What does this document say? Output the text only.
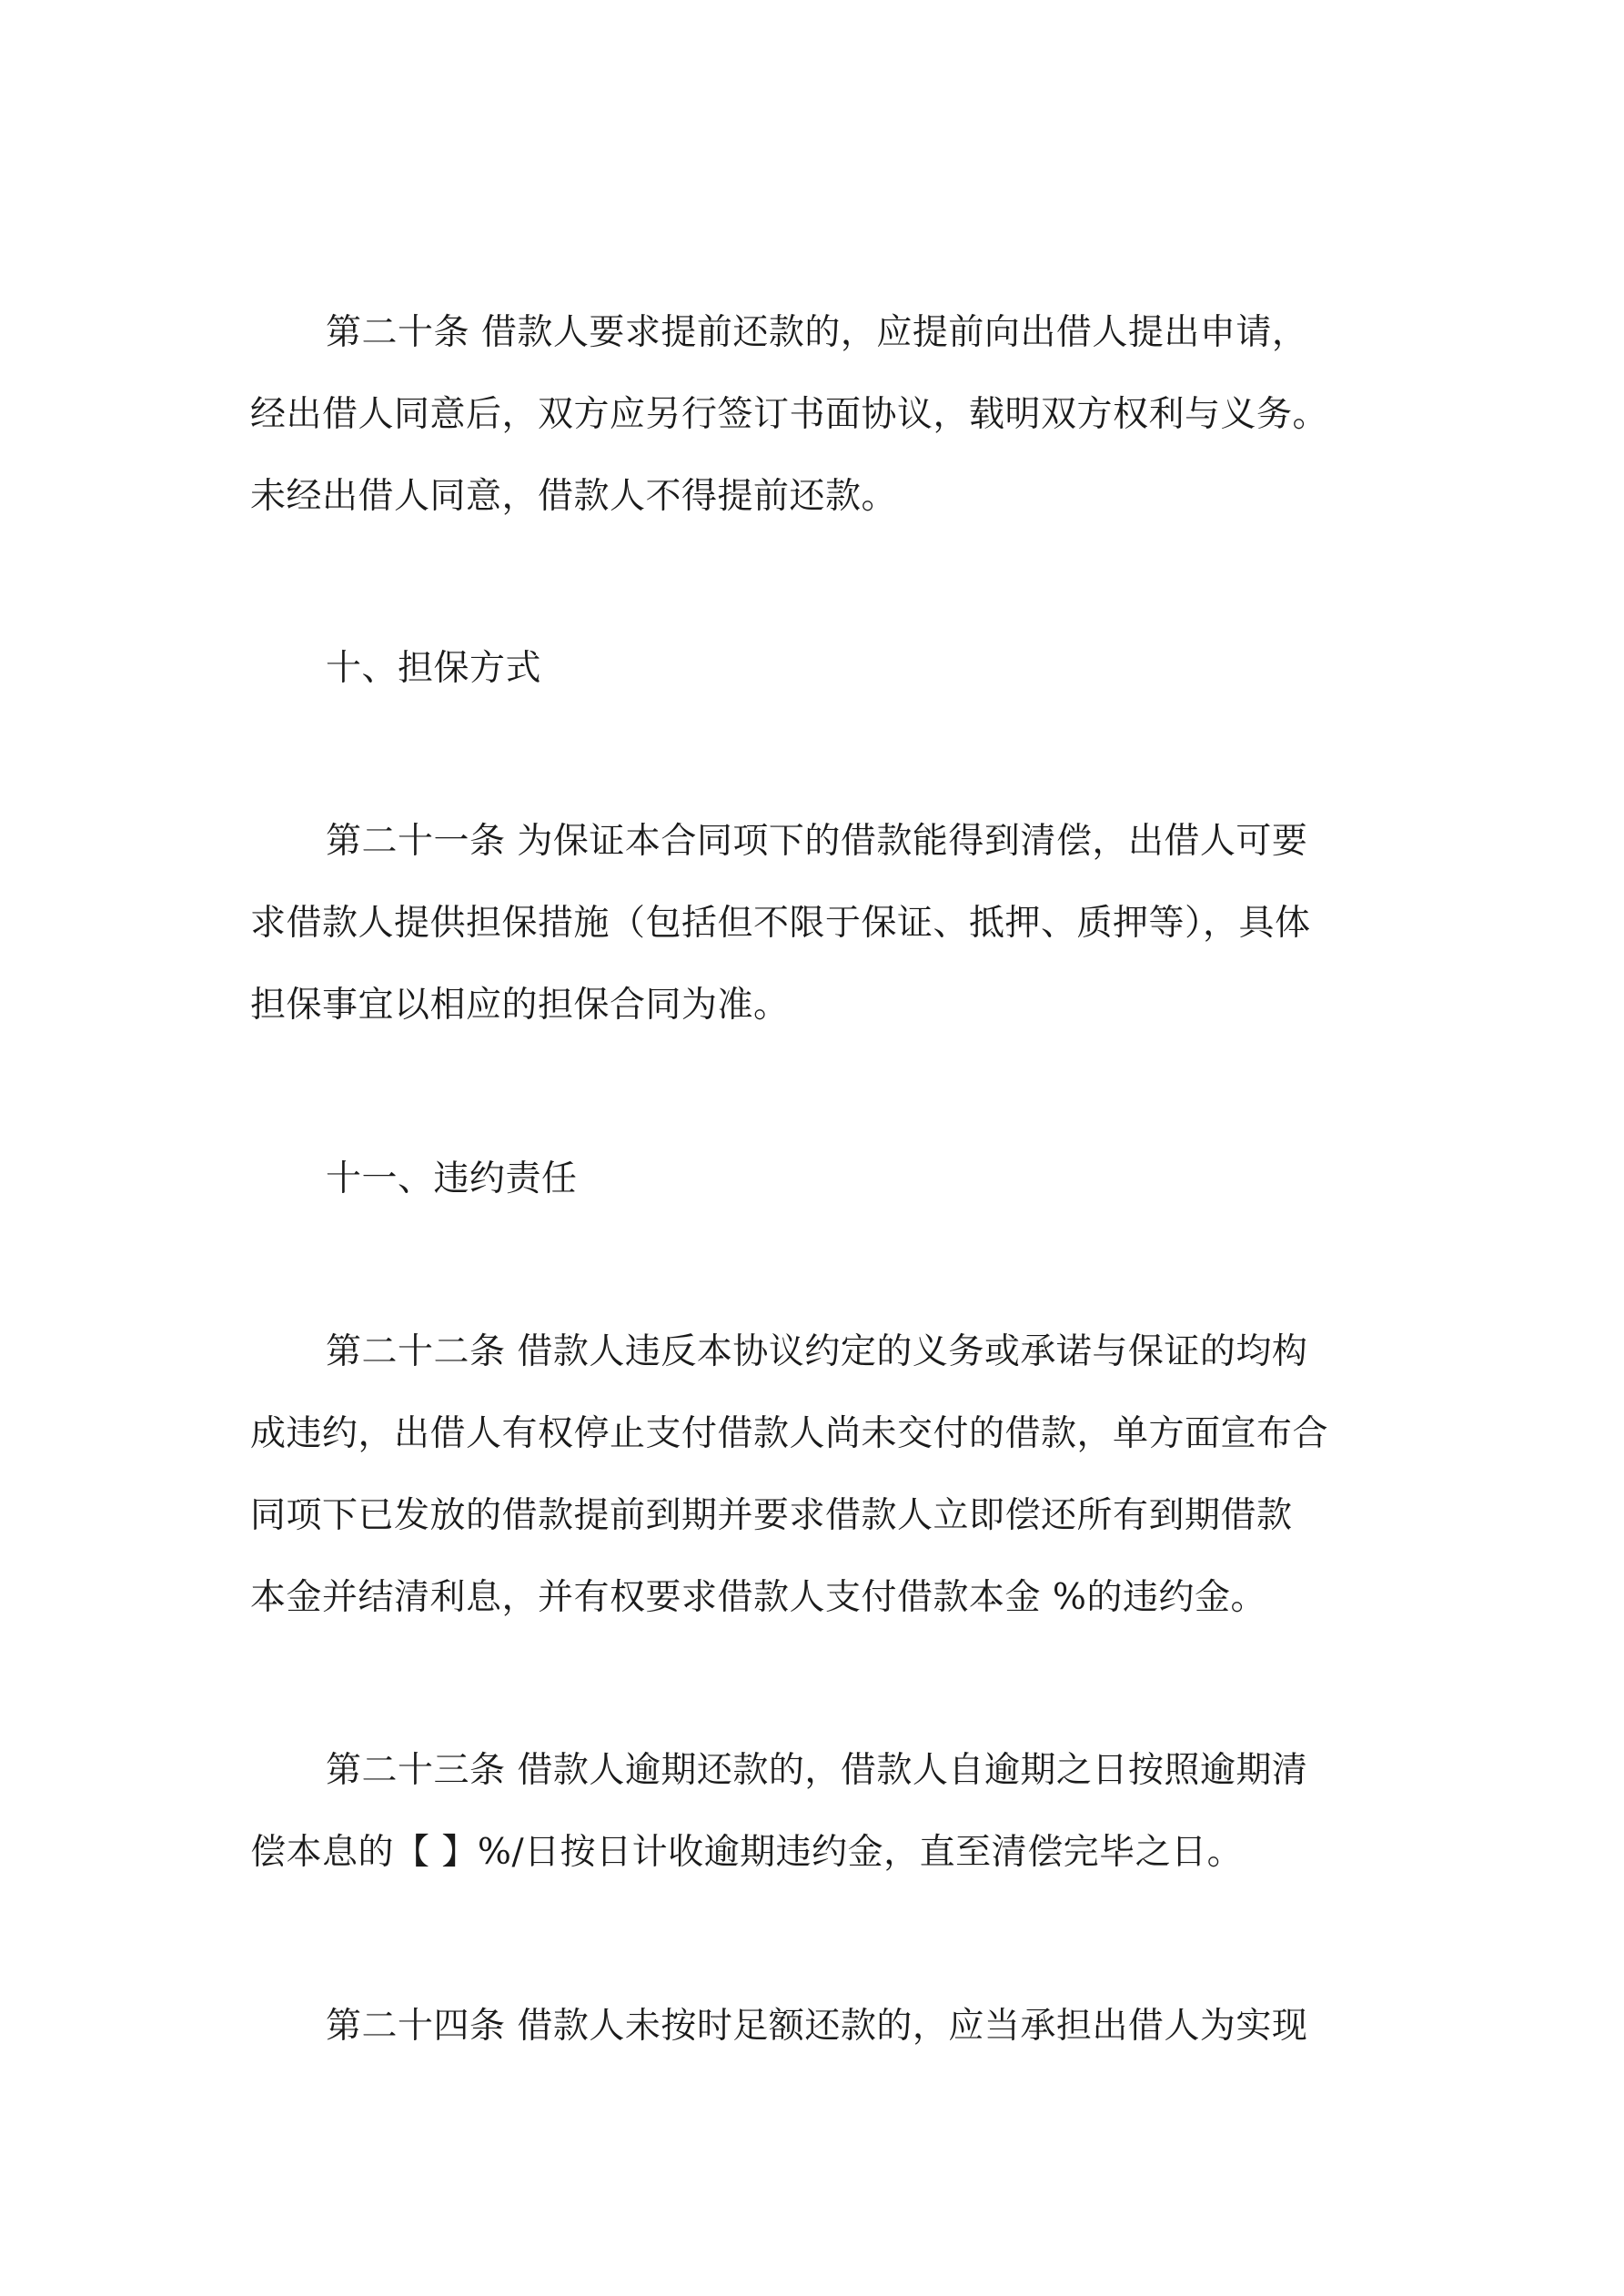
第二十条 借款人要求提前还款的，应提前向出借人提出申请，
经出借人同意后，双方应另行签订书面协议，载明双方权利与义务。
未经出借人同意，借款人不得提前还款。
十、担保方式
第二十一条 为保证本合同项下的借款能得到清偿，出借人可要
求借款人提供担保措施（包括但不限于保证、抵押、质押等），具体
担保事宜以相应的担保合同为准。
十一、违约责任
第二十二条 借款人违反本协议约定的义务或承诺与保证的均构
成违约，出借人有权停止支付借款人尚未交付的借款，单方面宣布合
同项下已发放的借款提前到期并要求借款人立即偿还所有到期借款
本金并结清利息，并有权要求借款人支付借款本金 %的违约金。
第二十三条 借款人逾期还款的，借款人自逾期之日按照逾期清
偿本息的【 】%/日按日计收逾期违约金，直至清偿完毕之日。
第二十四条 借款人未按时足额还款的，应当承担出借人为实现
